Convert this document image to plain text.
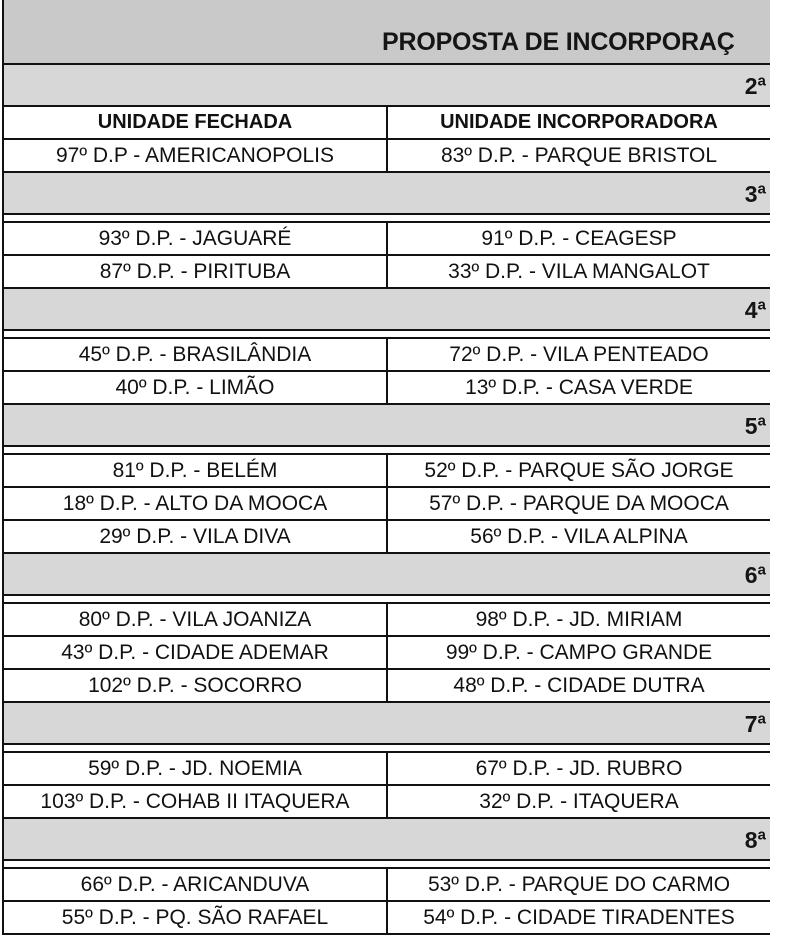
PROPOSTA DE INCORPORAÇ
2ª
UNIDADE FECHADA	UNIDADE INCORPORADORA
97º D.P - AMERICANOPOLIS	83º D.P. - PARQUE BRISTOL
3ª
93º D.P. - JAGUARÉ	91º D.P. - CEAGESP
87º D.P. - PIRITUBA	33º D.P. - VILA MANGALOT
4ª
45º D.P. - BRASILÂNDIA	72º D.P. - VILA PENTEADO
40º D.P. - LIMÃO	13º D.P. - CASA VERDE
5ª
81º D.P. - BELÉM	52º D.P. - PARQUE SÃO JORGE
18º D.P. - ALTO DA MOOCA	57º D.P. - PARQUE DA MOOCA
29º D.P. - VILA DIVA	56º D.P. - VILA ALPINA
6ª
80º D.P. - VILA JOANIZA	98º D.P. - JD. MIRIAM
43º D.P. - CIDADE ADEMAR	99º D.P. - CAMPO GRANDE
102º D.P. - SOCORRO	48º D.P. - CIDADE DUTRA
7ª
59º D.P. - JD. NOEMIA	67º D.P. - JD. RUBRO
103º D.P. - COHAB II ITAQUERA	32º D.P. - ITAQUERA
8ª
66º D.P. - ARICANDUVA	53º D.P. - PARQUE DO CARMO
55º D.P. - PQ. SÃO RAFAEL	54º D.P. - CIDADE TIRADENTES
